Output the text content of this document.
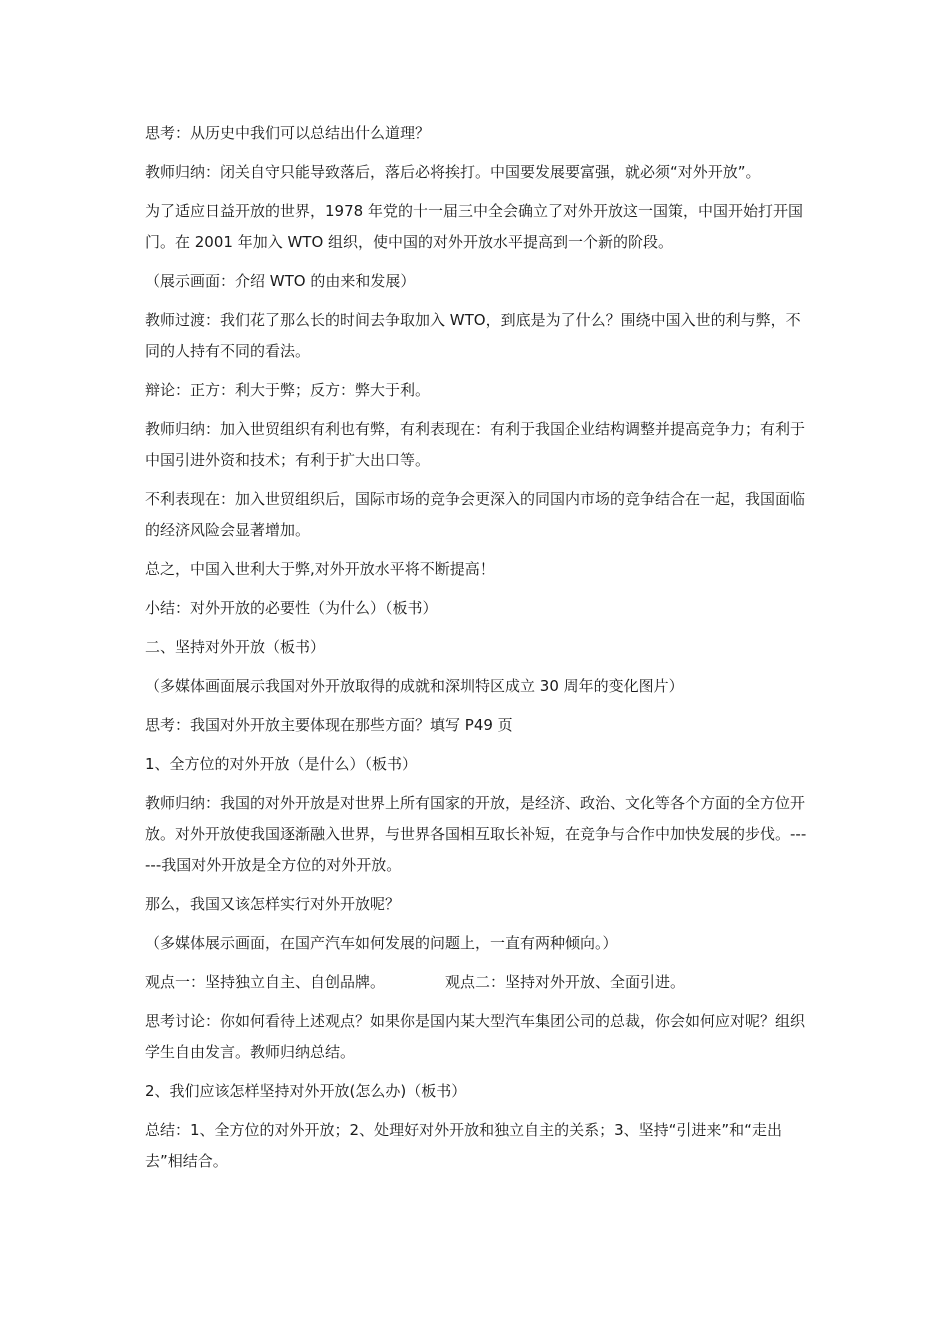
思考：从历史中我们可以总结出什么道理？

教师归纳：闭关自守只能导致落后，落后必将挨打。中国要发展要富强，就必须“对外开放”。

为了适应日益开放的世界，1978 年党的十一届三中全会确立了对外开放这一国策，中国开始打开国门。在 2001 年加入 WTO 组织，使中国的对外开放水平提高到一个新的阶段。

（展示画面：介绍 WTO 的由来和发展）

教师过渡：我们花了那么长的时间去争取加入 WTO，到底是为了什么？围绕中国入世的利与弊，不同的人持有不同的看法。

辩论：正方：利大于弊；反方：弊大于利。

教师归纳：加入世贸组织有利也有弊，有利表现在：有利于我国企业结构调整并提高竞争力；有利于中国引进外资和技术；有利于扩大出口等。

不利表现在：加入世贸组织后，国际市场的竞争会更深入的同国内市场的竞争结合在一起，我国面临的经济风险会显著增加。

总之，中国入世利大于弊,对外开放水平将不断提高！

小结：对外开放的必要性（为什么）（板书）

二、坚持对外开放（板书）

（多媒体画面展示我国对外开放取得的成就和深圳特区成立 30 周年的变化图片）

思考：我国对外开放主要体现在那些方面？填写 P49 页

1、全方位的对外开放（是什么）（板书）

教师归纳：我国的对外开放是对世界上所有国家的开放，是经济、政治、文化等各个方面的全方位开放。对外开放使我国逐渐融入世界，与世界各国相互取长补短，在竞争与合作中加快发展的步伐。------我国对外开放是全方位的对外开放。

那么，我国又该怎样实行对外开放呢？

（多媒体展示画面，在国产汽车如何发展的问题上，一直有两种倾向。）

观点一：坚持独立自主、自创品牌。	观点二：坚持对外开放、全面引进。

思考讨论：你如何看待上述观点？如果你是国内某大型汽车集团公司的总裁，你会如何应对呢？组织学生自由发言。教师归纳总结。

2、我们应该怎样坚持对外开放(怎么办)（板书）

总结：1、全方位的对外开放；2、处理好对外开放和独立自主的关系；3、坚持“引进来”和“走出去”相结合。
